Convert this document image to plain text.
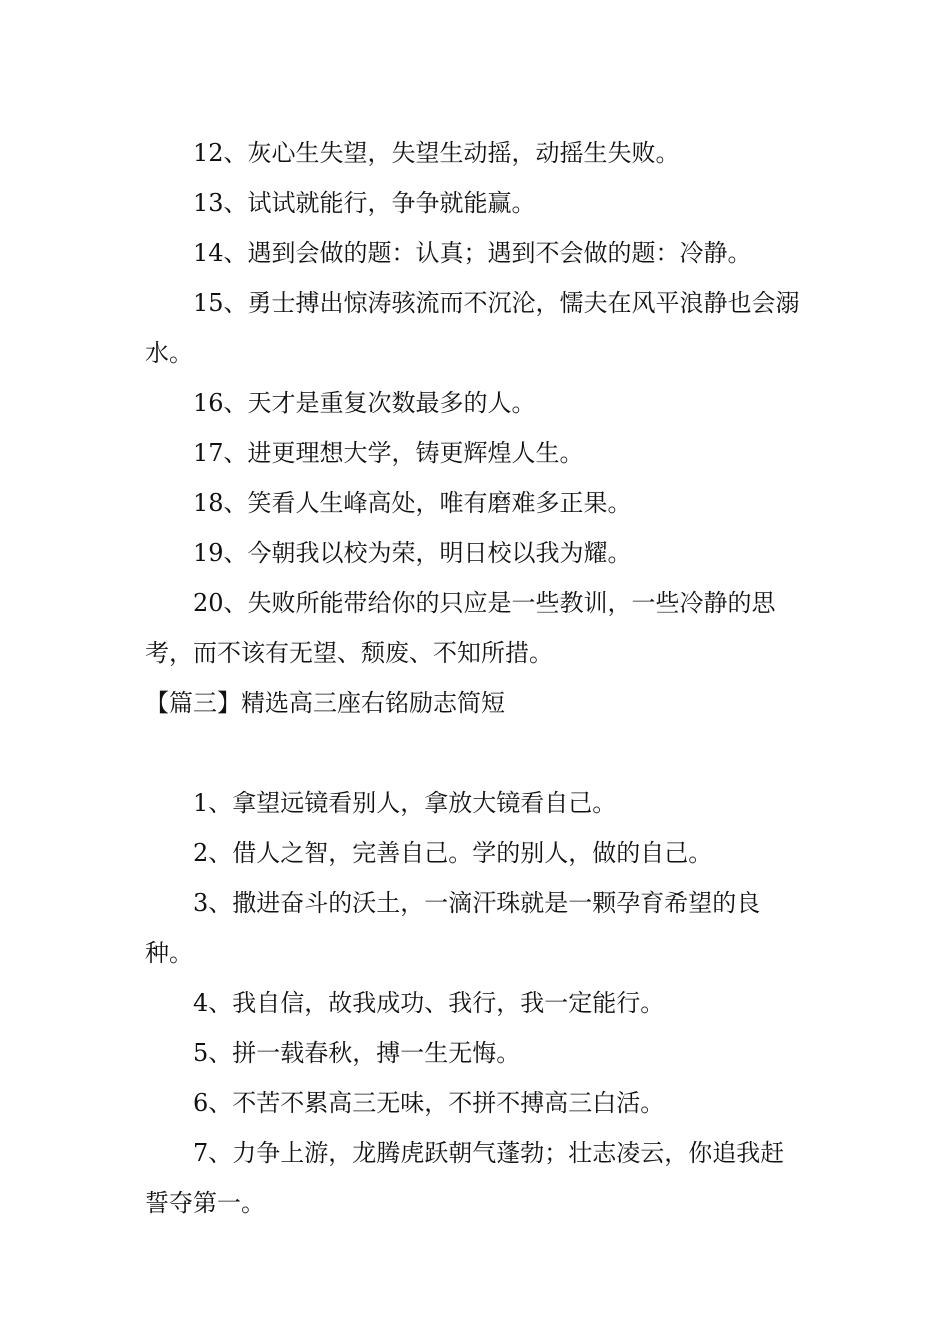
12、灰心生失望，失望生动摇，动摇生失败。

13、试试就能行，争争就能赢。

14、遇到会做的题：认真；遇到不会做的题：冷静。

15、勇士搏出惊涛骇流而不沉沦，懦夫在风平浪静也会溺水。

16、天才是重复次数最多的人。

17、进更理想大学，铸更辉煌人生。

18、笑看人生峰高处，唯有磨难多正果。

19、今朝我以校为荣，明日校以我为耀。

20、失败所能带给你的只应是一些教训，一些冷静的思考，而不该有无望、颓废、不知所措。

【篇三】精选高三座右铭励志简短

1、拿望远镜看别人，拿放大镜看自己。

2、借人之智，完善自己。学的别人，做的自己。

3、撒进奋斗的沃土，一滴汗珠就是一颗孕育希望的良种。

4、我自信，故我成功、我行，我一定能行。

5、拼一载春秋，搏一生无悔。

6、不苦不累高三无味，不拼不搏高三白活。

7、力争上游，龙腾虎跃朝气蓬勃；壮志凌云，你追我赶誓夺第一。
